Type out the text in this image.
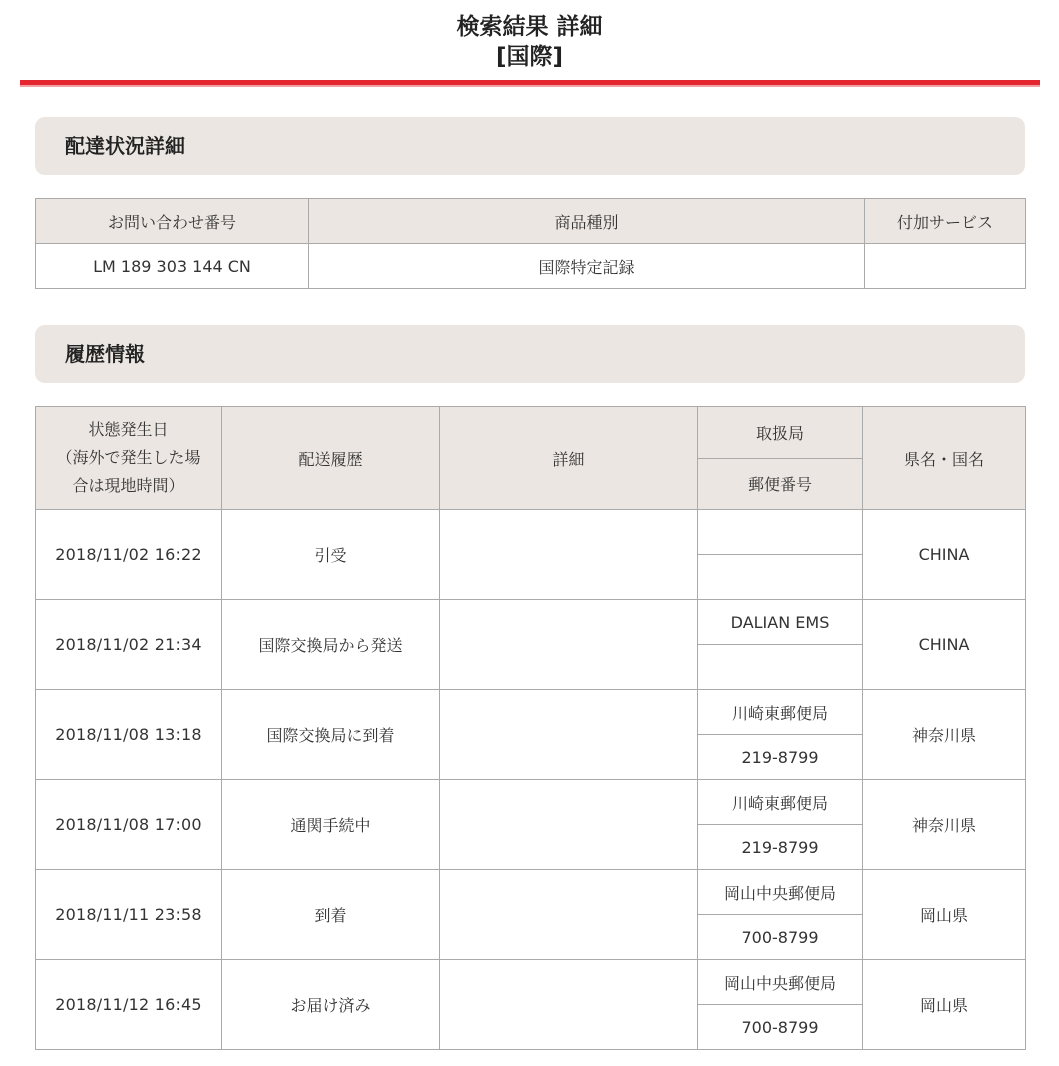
検索結果 詳細
[国際]
配達状況詳細
お問い合わせ番号	商品種別	付加サービス
LM 189 303 144 CN	国際特定記録	
履歴情報
状態発生日
（海外で発生した場
合は現地時間）	配送履歴	詳細	取扱局	県名・国名
			郵便番号	
2018/11/02 16:22	引受			CHINA

2018/11/02 21:34	国際交換局から発送		DALIAN EMS	CHINA

2018/11/08 13:18	国際交換局に到着		川崎東郵便局	神奈川県
			219-8799	
2018/11/08 17:00	通関手続中		川崎東郵便局	神奈川県
			219-8799	
2018/11/11 23:58	到着		岡山中央郵便局	岡山県
			700-8799	
2018/11/12 16:45	お届け済み		岡山中央郵便局	岡山県
			700-8799	
